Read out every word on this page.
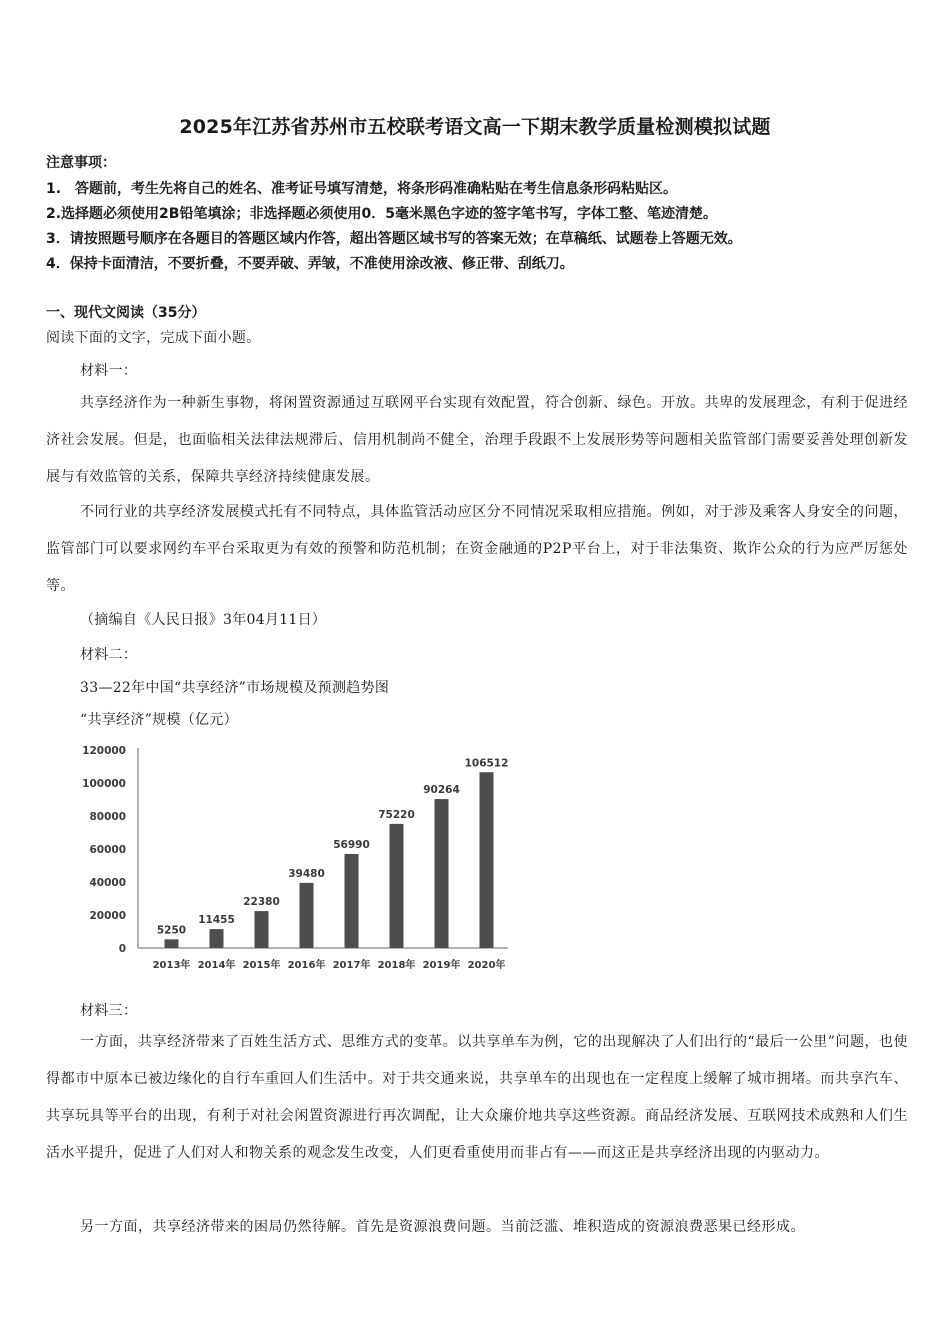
2025年江苏省苏州市五校联考语文高一下期末教学质量检测模拟试题
注意事项：
1.　答题前，考生先将自己的姓名、准考证号填写清楚，将条形码准确粘贴在考生信息条形码粘贴区。
2.选择题必须使用2B铅笔填涂；非选择题必须使用0．5毫米黑色字迹的签字笔书写，字体工整、笔迹清楚。
3．请按照题号顺序在各题目的答题区域内作答，超出答题区域书写的答案无效；在草稿纸、试题卷上答题无效。
4．保持卡面清洁，不要折叠，不要弄破、弄皱，不准使用涂改液、修正带、刮纸刀。
一、现代文阅读（35分）
阅读下面的文字，完成下面小题。
材料一：
共享经济作为一种新生事物，将闲置资源通过互联网平台实现有效配置，符合创新、绿色。开放。共卑的发展理念，有利于促进经济社会发展。但是，也面临相关法律法规滞后、信用机制尚不健全，治理手段跟不上发展形势等问题相关监管部门需要妥善处理创新发展与有效监管的关系，保障共享经济持续健康发展。
不同行业的共享经济发展模式托有不同特点，具体监管活动应区分不同情况采取相应措施。例如，对于涉及乘客人身安全的问题，监管部门可以要求网约车平台采取更为有效的预警和防范机制；在资金融通的P2P平台上，对于非法集资、欺诈公众的行为应严厉惩处等。
（摘编自《人民日报》3年04月11日）
材料二：
33—22年中国“共享经济”市场规模及预测趋势图
“共享经济”规模（亿元）
0
20000
40000
60000
80000
100000
120000
5250
2013年
11455
2014年
22380
2015年
39480
2016年
56990
2017年
75220
2018年
90264
2019年
106512
2020年
材料三：
一方面，共享经济带来了百姓生活方式、思维方式的变革。以共享单车为例，它的出现解决了人们出行的“最后一公里”问题，也使得都市中原本已被边缘化的自行车重回人们生活中。对于共交通来说，共享单车的出现也在一定程度上缓解了城市拥堵。而共享汽车、共享玩具等平台的出现，有利于对社会闲置资源进行再次调配，让大众廉价地共享这些资源。商品经济发展、互联网技术成熟和人们生活水平提升，促进了人们对人和物关系的观念发生改变，人们更看重使用而非占有——而这正是共享经济出现的内驱动力。
另一方面，共享经济带来的困局仍然待解。首先是资源浪费问题。当前泛滥、堆积造成的资源浪费恶果已经形成。
